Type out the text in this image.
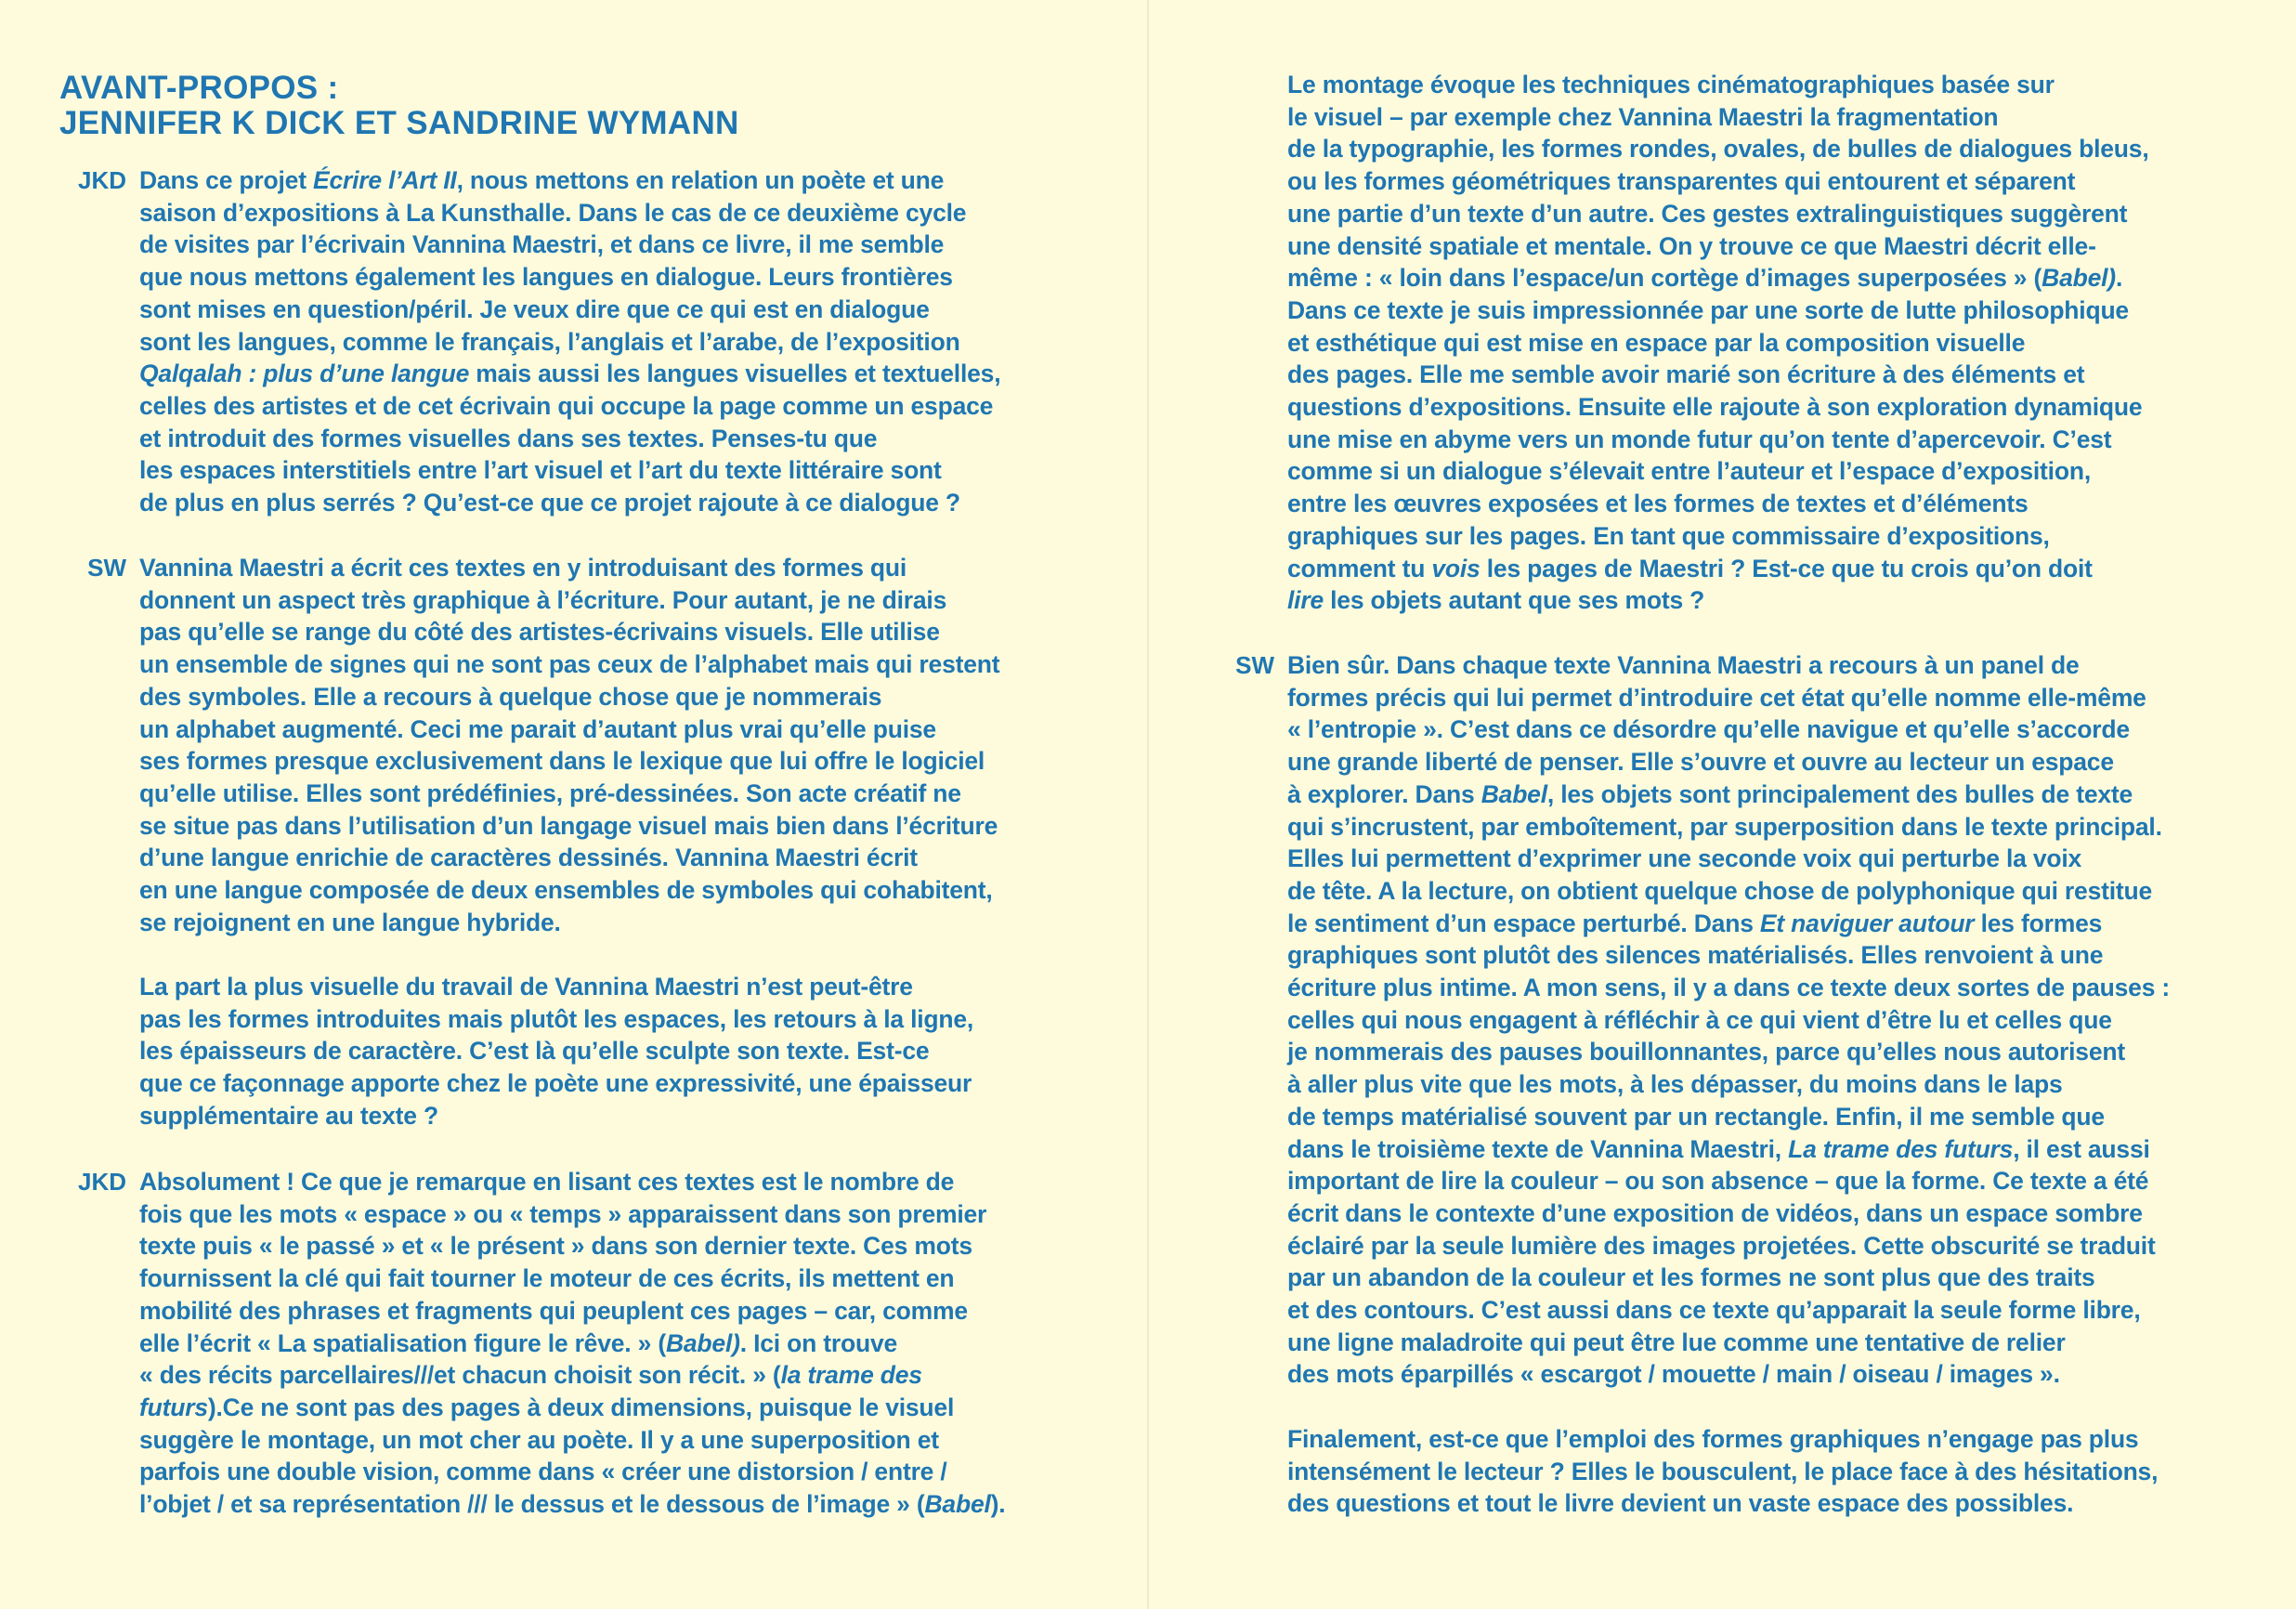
AVANT-PROPOS :
JENNIFER K DICK ET SANDRINE WYMANN
JKD Dans ce projet Écrire l’Art II, nous mettons en relation un poète et une
saison d’expositions à La Kunsthalle. Dans le cas de ce deuxième cycle
de visites par l’écrivain Vannina Maestri, et dans ce livre, il me semble
que nous mettons également les langues en dialogue. Leurs frontières
sont mises en question/péril. Je veux dire que ce qui est en dialogue
sont les langues, comme le français, l’anglais et l’arabe, de l’exposition
Qalqalah : plus d’une langue mais aussi les langues visuelles et textuelles,
celles des artistes et de cet écrivain qui occupe la page comme un espace
et introduit des formes visuelles dans ses textes. Penses-tu que
les espaces interstitiels entre l’art visuel et l’art du texte littéraire sont
de plus en plus serrés ? Qu’est-ce que ce projet rajoute à ce dialogue ?
SW Vannina Maestri a écrit ces textes en y introduisant des formes qui
donnent un aspect très graphique à l’écriture. Pour autant, je ne dirais
pas qu’elle se range du côté des artistes-écrivains visuels. Elle utilise
un ensemble de signes qui ne sont pas ceux de l’alphabet mais qui restent
des symboles. Elle a recours à quelque chose que je nommerais
un alphabet augmenté. Ceci me parait d’autant plus vrai qu’elle puise
ses formes presque exclusivement dans le lexique que lui offre le logiciel
qu’elle utilise. Elles sont prédéfinies, pré-dessinées. Son acte créatif ne
se situe pas dans l’utilisation d’un langage visuel mais bien dans l’écriture
d’une langue enrichie de caractères dessinés. Vannina Maestri écrit
en une langue composée de deux ensembles de symboles qui cohabitent,
se rejoignent en une langue hybride.
La part la plus visuelle du travail de Vannina Maestri n’est peut-être
pas les formes introduites mais plutôt les espaces, les retours à la ligne,
les épaisseurs de caractère. C’est là qu’elle sculpte son texte. Est-ce
que ce façonnage apporte chez le poète une expressivité, une épaisseur
supplémentaire au texte ?
JKD Absolument ! Ce que je remarque en lisant ces textes est le nombre de
fois que les mots « espace » ou « temps » apparaissent dans son premier
texte puis « le passé » et « le présent » dans son dernier texte. Ces mots
fournissent la clé qui fait tourner le moteur de ces écrits, ils mettent en
mobilité des phrases et fragments qui peuplent ces pages – car, comme
elle l’écrit « La spatialisation figure le rêve. » (Babel). Ici on trouve
« des récits parcellaires///et chacun choisit son récit. » (la trame des
futurs).Ce ne sont pas des pages à deux dimensions, puisque le visuel
suggère le montage, un mot cher au poète. Il y a une superposition et
parfois une double vision, comme dans « créer une distorsion / entre /
l’objet / et sa représentation /// le dessus et le dessous de l’image » (Babel).
Le montage évoque les techniques cinématographiques basée sur
le visuel – par exemple chez Vannina Maestri la fragmentation
de la typographie, les formes rondes, ovales, de bulles de dialogues bleus,
ou les formes géométriques transparentes qui entourent et séparent
une partie d’un texte d’un autre. Ces gestes extralinguistiques suggèrent
une densité spatiale et mentale. On y trouve ce que Maestri décrit elle-
même : « loin dans l’espace/un cortège d’images superposées » (Babel).
Dans ce texte je suis impressionnée par une sorte de lutte philosophique
et esthétique qui est mise en espace par la composition visuelle
des pages. Elle me semble avoir marié son écriture à des éléments et
questions d’expositions. Ensuite elle rajoute à son exploration dynamique
une mise en abyme vers un monde futur qu’on tente d’apercevoir. C’est
comme si un dialogue s’élevait entre l’auteur et l’espace d’exposition,
entre les œuvres exposées et les formes de textes et d’éléments
graphiques sur les pages. En tant que commissaire d’expositions,
comment tu vois les pages de Maestri ? Est-ce que tu crois qu’on doit
lire les objets autant que ses mots ?
SW Bien sûr. Dans chaque texte Vannina Maestri a recours à un panel de
formes précis qui lui permet d’introduire cet état qu’elle nomme elle-même
« l’entropie ». C’est dans ce désordre qu’elle navigue et qu’elle s’accorde
une grande liberté de penser. Elle s’ouvre et ouvre au lecteur un espace
à explorer. Dans Babel, les objets sont principalement des bulles de texte
qui s’incrustent, par emboîtement, par superposition dans le texte principal.
Elles lui permettent d’exprimer une seconde voix qui perturbe la voix
de tête. A la lecture, on obtient quelque chose de polyphonique qui restitue
le sentiment d’un espace perturbé. Dans Et naviguer autour les formes
graphiques sont plutôt des silences matérialisés. Elles renvoient à une
écriture plus intime. A mon sens, il y a dans ce texte deux sortes de pauses :
celles qui nous engagent à réfléchir à ce qui vient d’être lu et celles que
je nommerais des pauses bouillonnantes, parce qu’elles nous autorisent
à aller plus vite que les mots, à les dépasser, du moins dans le laps
de temps matérialisé souvent par un rectangle. Enfin, il me semble que
dans le troisième texte de Vannina Maestri, La trame des futurs, il est aussi
important de lire la couleur – ou son absence – que la forme. Ce texte a été
écrit dans le contexte d’une exposition de vidéos, dans un espace sombre
éclairé par la seule lumière des images projetées. Cette obscurité se traduit
par un abandon de la couleur et les formes ne sont plus que des traits
et des contours. C’est aussi dans ce texte qu’apparait la seule forme libre,
une ligne maladroite qui peut être lue comme une tentative de relier
des mots éparpillés « escargot / mouette / main / oiseau / images ».
Finalement, est-ce que l’emploi des formes graphiques n’engage pas plus
intensément le lecteur ? Elles le bousculent, le place face à des hésitations,
des questions et tout le livre devient un vaste espace des possibles.
